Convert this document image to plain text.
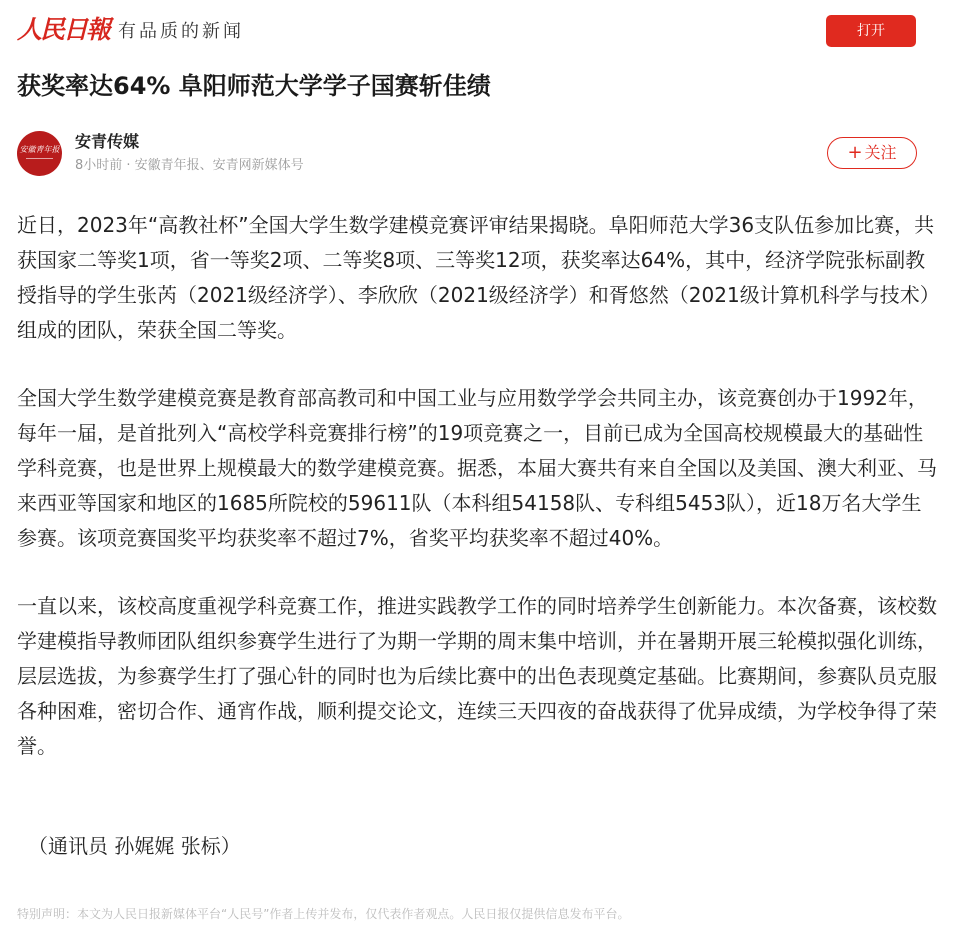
人民日報 有品质的新闻	打开
获奖率达64% 阜阳师范大学学子国赛斩佳绩
安徽青年报 安青传媒
8小时前 · 安徽青年报、安青网新媒体号
+ 关注

近日，2023年“高教社杯”全国大学生数学建模竞赛评审结果揭晓。阜阳师范大学36支队伍参加比赛，共获国家二等奖1项，省一等奖2项、二等奖8项、三等奖12项，获奖率达64%，其中，经济学院张标副教授指导的学生张芮（2021级经济学）、李欣欣（2021级经济学）和胥悠然（2021级计算机科学与技术）组成的团队，荣获全国二等奖。

全国大学生数学建模竞赛是教育部高教司和中国工业与应用数学学会共同主办，该竞赛创办于1992年，每年一届，是首批列入“高校学科竞赛排行榜”的19项竞赛之一，目前已成为全国高校规模最大的基础性学科竞赛，也是世界上规模最大的数学建模竞赛。据悉，本届大赛共有来自全国以及美国、澳大利亚、马来西亚等国家和地区的1685所院校的59611队（本科组54158队、专科组5453队），近18万名大学生参赛。该项竞赛国奖平均获奖率不超过7%，省奖平均获奖率不超过40%。

一直以来，该校高度重视学科竞赛工作，推进实践教学工作的同时培养学生创新能力。本次备赛，该校数学建模指导教师团队组织参赛学生进行了为期一学期的周末集中培训，并在暑期开展三轮模拟强化训练，层层选拔，为参赛学生打了强心针的同时也为后续比赛中的出色表现奠定基础。比赛期间，参赛队员克服各种困难，密切合作、通宵作战，顺利提交论文，连续三天四夜的奋战获得了优异成绩，为学校争得了荣誉。

（通讯员 孙娓娓 张标）
特别声明：本文为人民日报新媒体平台“人民号”作者上传并发布，仅代表作者观点。人民日报仅提供信息发布平台。
